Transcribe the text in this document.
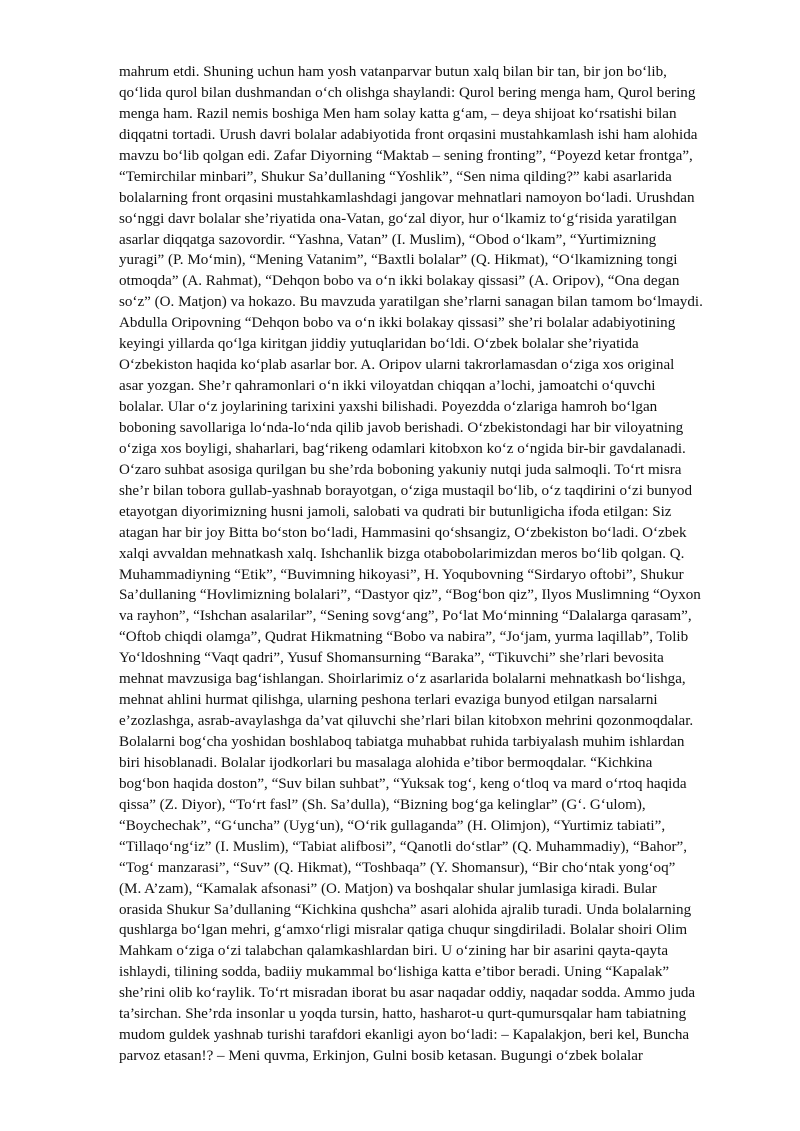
mahrum etdi. Shuning uchun ham yosh vatanparvar butun xalq bilan bir tan, bir jon bo‘lib,
qo‘lida qurol bilan dushmandan o‘ch olishga shaylandi: Qurol bering menga ham, Qurol bering
menga ham. Razil nemis boshiga Men ham solay katta g‘am, – deya shijoat ko‘rsatishi bilan
diqqatni tortadi. Urush davri bolalar adabiyotida front orqasini mustahkamlash ishi ham alohida
mavzu bo‘lib qolgan edi. Zafar Diyorning “Maktab – sening fronting”, “Poyezd ketar frontga”,
“Temirchilar minbari”, Shukur Sa’dullaning “Yoshlik”, “Sen nima qilding?” kabi asarlarida
bolalarning front orqasini mustahkamlashdagi jangovar mehnatlari namoyon bo‘ladi. Urushdan
so‘nggi davr bolalar she’riyatida ona-Vatan, go‘zal diyor, hur o‘lkamiz to‘g‘risida yaratilgan
asarlar diqqatga sazovordir. “Yashna, Vatan” (I. Muslim), “Obod o‘lkam”, “Yurtimizning
yuragi” (P. Mo‘min), “Mening Vatanim”, “Baxtli bolalar” (Q. Hikmat), “O‘lkamizning tongi
otmoqda” (A. Rahmat), “Dehqon bobo va o‘n ikki bolakay qissasi” (A. Oripov), “Ona degan
so‘z” (O. Matjon) va hokazo. Bu mavzuda yaratilgan she’rlarni sanagan bilan tamom bo‘lmaydi.
Abdulla Oripovning “Dehqon bobo va o‘n ikki bolakay qissasi” she’ri bolalar adabiyotining
keyingi yillarda qo‘lga kiritgan jiddiy yutuqlaridan bo‘ldi. O‘zbek bolalar she’riyatida
O‘zbekiston haqida ko‘plab asarlar bor. A. Oripov ularni takrorlamasdan o‘ziga xos original
asar yozgan. She’r qahramonlari o‘n ikki viloyatdan chiqqan a’lochi, jamoatchi o‘quvchi
bolalar. Ular o‘z joylarining tarixini yaxshi bilishadi. Poyezdda o‘zlariga hamroh bo‘lgan
boboning savollariga lo‘nda-lo‘nda qilib javob berishadi. O‘zbekistondagi har bir viloyatning
o‘ziga xos boyligi, shaharlari, bag‘rikeng odamlari kitobxon ko‘z o‘ngida bir-bir gavdalanadi.
O‘zaro suhbat asosiga qurilgan bu she’rda boboning yakuniy nutqi juda salmoqli. To‘rt misra
she’r bilan tobora gullab-yashnab borayotgan, o‘ziga mustaqil bo‘lib, o‘z taqdirini o‘zi bunyod
etayotgan diyorimizning husni jamoli, salobati va qudrati bir butunligicha ifoda etilgan: Siz
atagan har bir joy Bitta bo‘ston bo‘ladi, Hammasini qo‘shsangiz, O‘zbekiston bo‘ladi. O‘zbek
xalqi avvaldan mehnatkash xalq. Ishchanlik bizga otabobolarimizdan meros bo‘lib qolgan. Q.
Muhammadiyning “Etik”, “Buvimning hikoyasi”, H. Yoqubovning “Sirdaryo oftobi”, Shukur
Sa’dullaning “Hovlimizning bolalari”, “Dastyor qiz”, “Bog‘bon qiz”, Ilyos Muslimning “Oyxon
va rayhon”, “Ishchan asalarilar”, “Sening sovg‘ang”, Po‘lat Mo‘minning “Dalalarga qarasam”,
“Oftob chiqdi olamga”, Qudrat Hikmatning “Bobo va nabira”, “Jo‘jam, yurma laqillab”, Tolib
Yo‘ldoshning “Vaqt qadri”, Yusuf Shomansurning “Baraka”, “Tikuvchi” she’rlari bevosita
mehnat mavzusiga bag‘ishlangan. Shoirlarimiz o‘z asarlarida bolalarni mehnatkash bo‘lishga,
mehnat ahlini hurmat qilishga, ularning peshona terlari evaziga bunyod etilgan narsalarni
e’zozlashga, asrab-avaylashga da’vat qiluvchi she’rlari bilan kitobxon mehrini qozonmoqdalar.
Bolalarni bog‘cha yoshidan boshlaboq tabiatga muhabbat ruhida tarbiyalash muhim ishlardan
biri hisoblanadi. Bolalar ijodkorlari bu masalaga alohida e’tibor bermoqdalar. “Kichkina
bog‘bon haqida doston”, “Suv bilan suhbat”, “Yuksak tog‘, keng o‘tloq va mard o‘rtoq haqida
qissa” (Z. Diyor), “To‘rt fasl” (Sh. Sa’dulla), “Bizning bog‘ga kelinglar” (G‘. G‘ulom),
“Boychechak”, “G‘uncha” (Uyg‘un), “O‘rik gullaganda” (H. Olimjon), “Yurtimiz tabiati”,
“Tillaqo‘ng‘iz” (I. Muslim), “Tabiat alifbosi”, “Qanotli do‘stlar” (Q. Muhammadiy), “Bahor”,
“Tog‘ manzarasi”, “Suv” (Q. Hikmat), “Toshbaqa” (Y. Shomansur), “Bir cho‘ntak yong‘oq”
(M. A’zam), “Kamalak afsonasi” (O. Matjon) va boshqalar shular jumlasiga kiradi. Bular
orasida Shukur Sa’dullaning “Kichkina qushcha” asari alohida ajralib turadi. Unda bolalarning
qushlarga bo‘lgan mehri, g‘amxo‘rligi misralar qatiga chuqur singdiriladi. Bolalar shoiri Olim
Mahkam o‘ziga o‘zi talabchan qalamkashlardan biri. U o‘zining har bir asarini qayta-qayta
ishlaydi, tilining sodda, badiiy mukammal bo‘lishiga katta e’tibor beradi. Uning “Kapalak”
she’rini olib ko‘raylik. To‘rt misradan iborat bu asar naqadar oddiy, naqadar sodda. Ammo juda
ta’sirchan. She’rda insonlar u yoqda tursin, hatto, hasharot-u qurt-qumursqalar ham tabiatning
mudom guldek yashnab turishi tarafdori ekanligi ayon bo‘ladi: – Kapalakjon, beri kel, Buncha
parvoz etasan!? – Meni quvma, Erkinjon, Gulni bosib ketasan. Bugungi o‘zbek bolalar
